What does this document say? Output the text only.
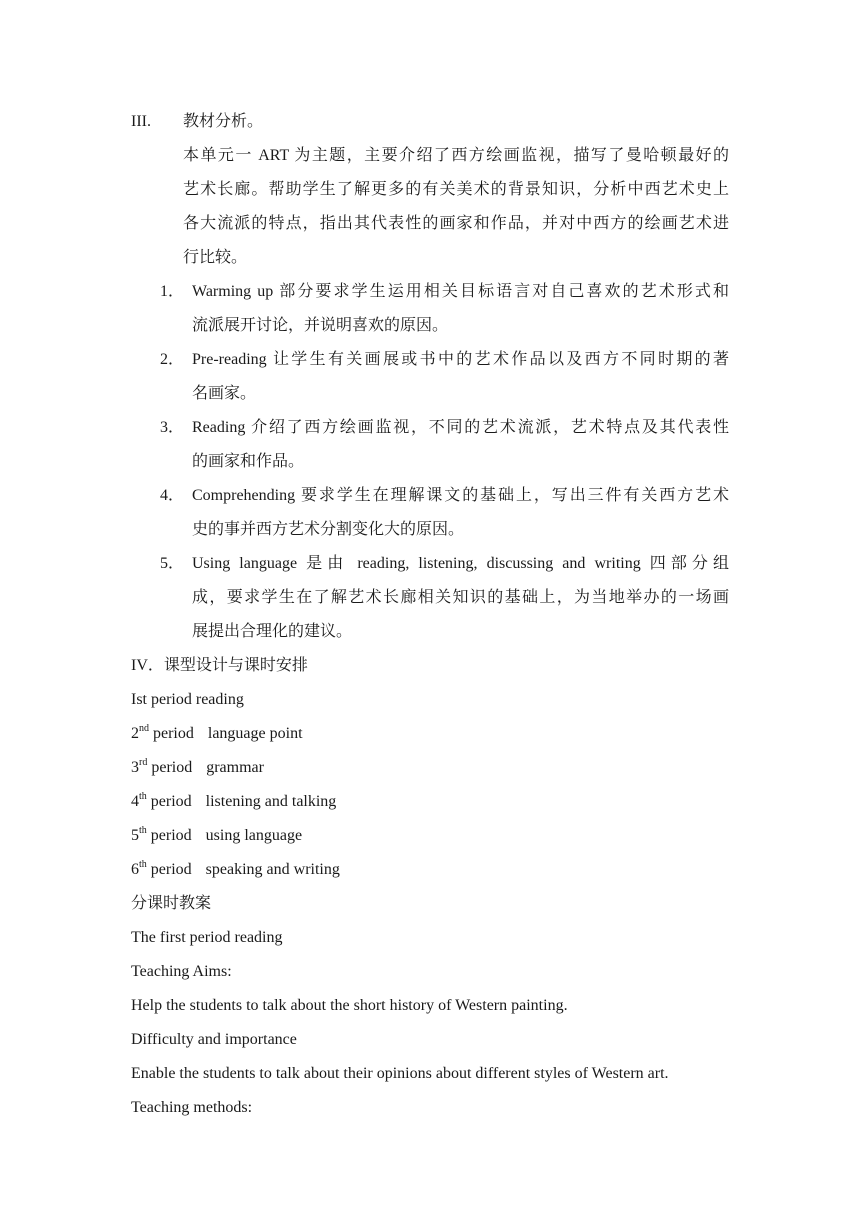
III. 教材分析。
本单元一 ART 为主题，主要介绍了西方绘画监视，描写了曼哈顿最好的
艺术长廊。帮助学生了解更多的有关美术的背景知识，分析中西艺术史上
各大流派的特点，指出其代表性的画家和作品，并对中西方的绘画艺术进
行比较。
1． Warming up 部分要求学生运用相关目标语言对自己喜欢的艺术形式和
流派展开讨论，并说明喜欢的原因。
2． Pre-reading 让学生有关画展或书中的艺术作品以及西方不同时期的著
名画家。
3． Reading 介绍了西方绘画监视，不同的艺术流派，艺术特点及其代表性
的画家和作品。
4． Comprehending 要求学生在理解课文的基础上，写出三件有关西方艺术
史的事并西方艺术分割变化大的原因。
5． Using language 是由 reading, listening, discussing and writing 四部分组
成，要求学生在了解艺术长廊相关知识的基础上，为当地举办的一场画
展提出合理化的建议。
IV．课型设计与课时安排
Ist period reading
2nd period language point
3rd period grammar
4th period listening and talking
5th period using language
6th period speaking and writing
分课时教案
The first period reading
Teaching Aims:
Help the students to talk about the short history of Western painting.
Difficulty and importance
Enable the students to talk about their opinions about different styles of Western art.
Teaching methods:
